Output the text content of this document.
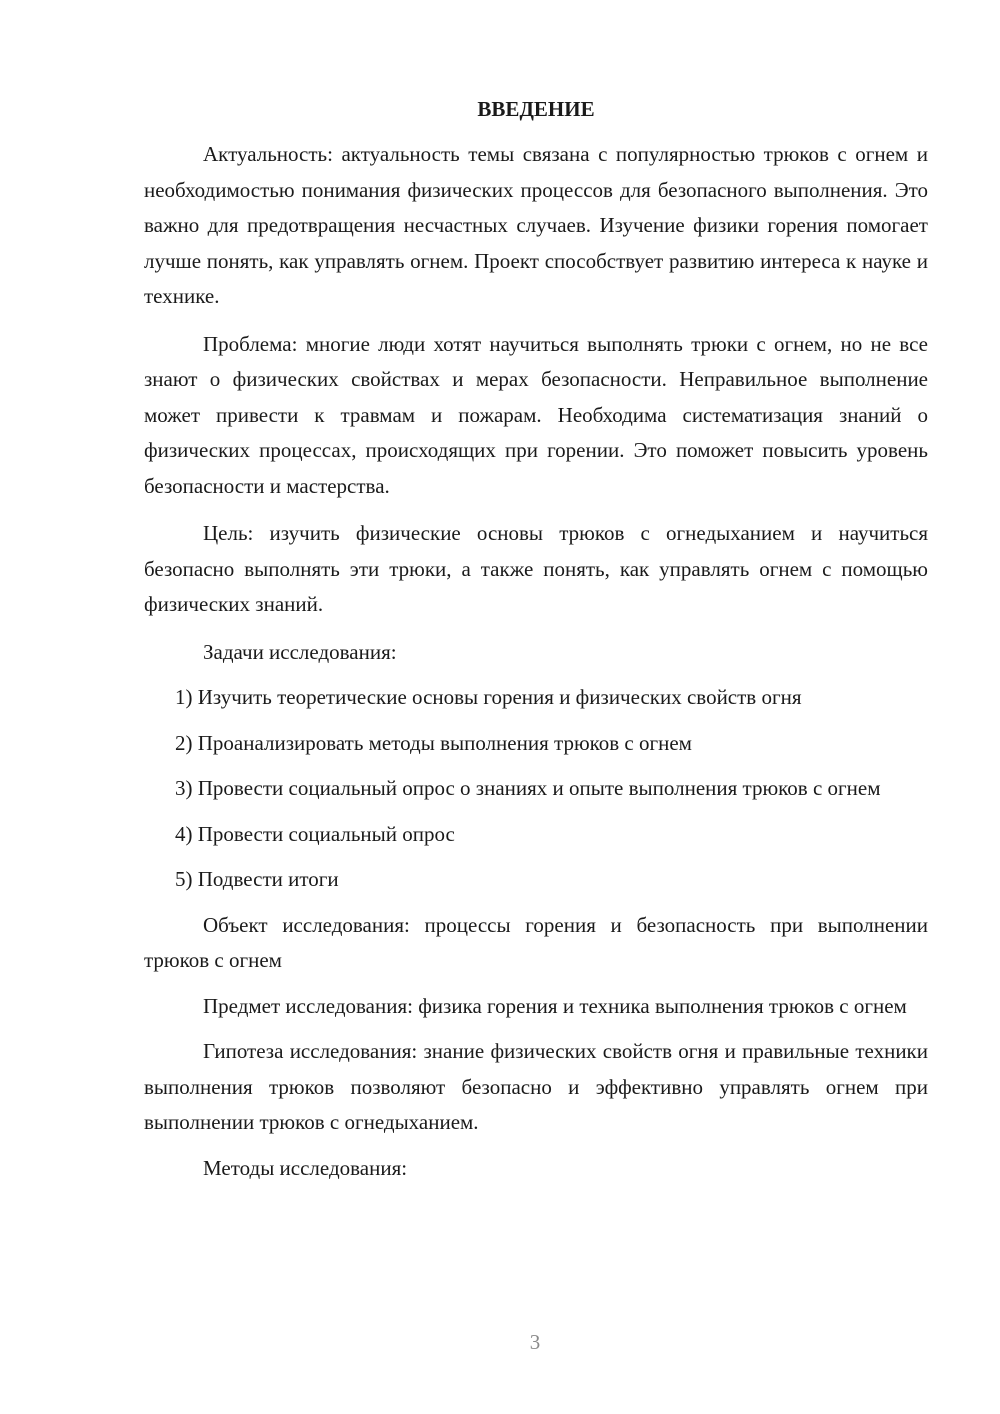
ВВЕДЕНИЕ

Актуальность: актуальность темы связана с популярностью трюков с огнем и необходимостью понимания физических процессов для безопасного выполнения. Это важно для предотвращения несчастных случаев. Изучение физики горения помогает лучше понять, как управлять огнем. Проект способствует развитию интереса к науке и технике.

Проблема: многие люди хотят научиться выполнять трюки с огнем, но не все знают о физических свойствах и мерах безопасности. Неправильное выполнение может привести к травмам и пожарам. Необходима систематизация знаний о физических процессах, происходящих при горении. Это поможет повысить уровень безопасности и мастерства.

Цель: изучить физические основы трюков с огнедыханием и научиться безопасно выполнять эти трюки, а также понять, как управлять огнем с помощью физических знаний.

Задачи исследования:

1) Изучить теоретические основы горения и физических свойств огня

2) Проанализировать методы выполнения трюков с огнем

3) Провести социальный опрос о знаниях и опыте выполнения трюков с огнем

4) Провести социальный опрос

5) Подвести итоги

Объект исследования: процессы горения и безопасность при выполнении трюков с огнем

Предмет исследования: физика горения и техника выполнения трюков с огнем

Гипотеза исследования: знание физических свойств огня и правильные техники выполнения трюков позволяют безопасно и эффективно управлять огнем при выполнении трюков с огнедыханием.

Методы исследования:

3
